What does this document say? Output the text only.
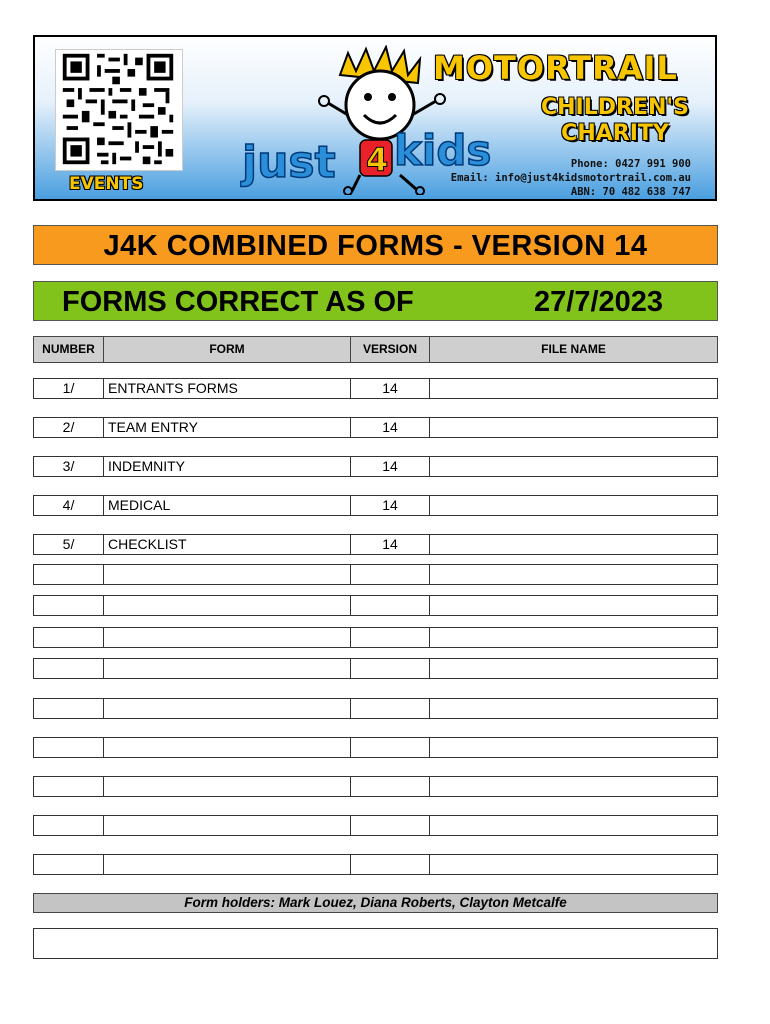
EVENTS just 4 kids
MOTORTRAIL
CHILDREN'S
CHARITY
Phone: 0427 991 900
Email: info@just4kidsmotortrail.com.au
ABN: 70 482 638 747
J4K COMBINED FORMS - VERSION 14
FORMS CORRECT AS OF	27/7/2023
NUMBER	FORM	VERSION	FILE NAME
1/	ENTRANTS FORMS	14
2/	TEAM ENTRY	14
3/	INDEMNITY	14
4/	MEDICAL	14
5/	CHECKLIST	14
Form holders: Mark Louez, Diana Roberts, Clayton Metcalfe
